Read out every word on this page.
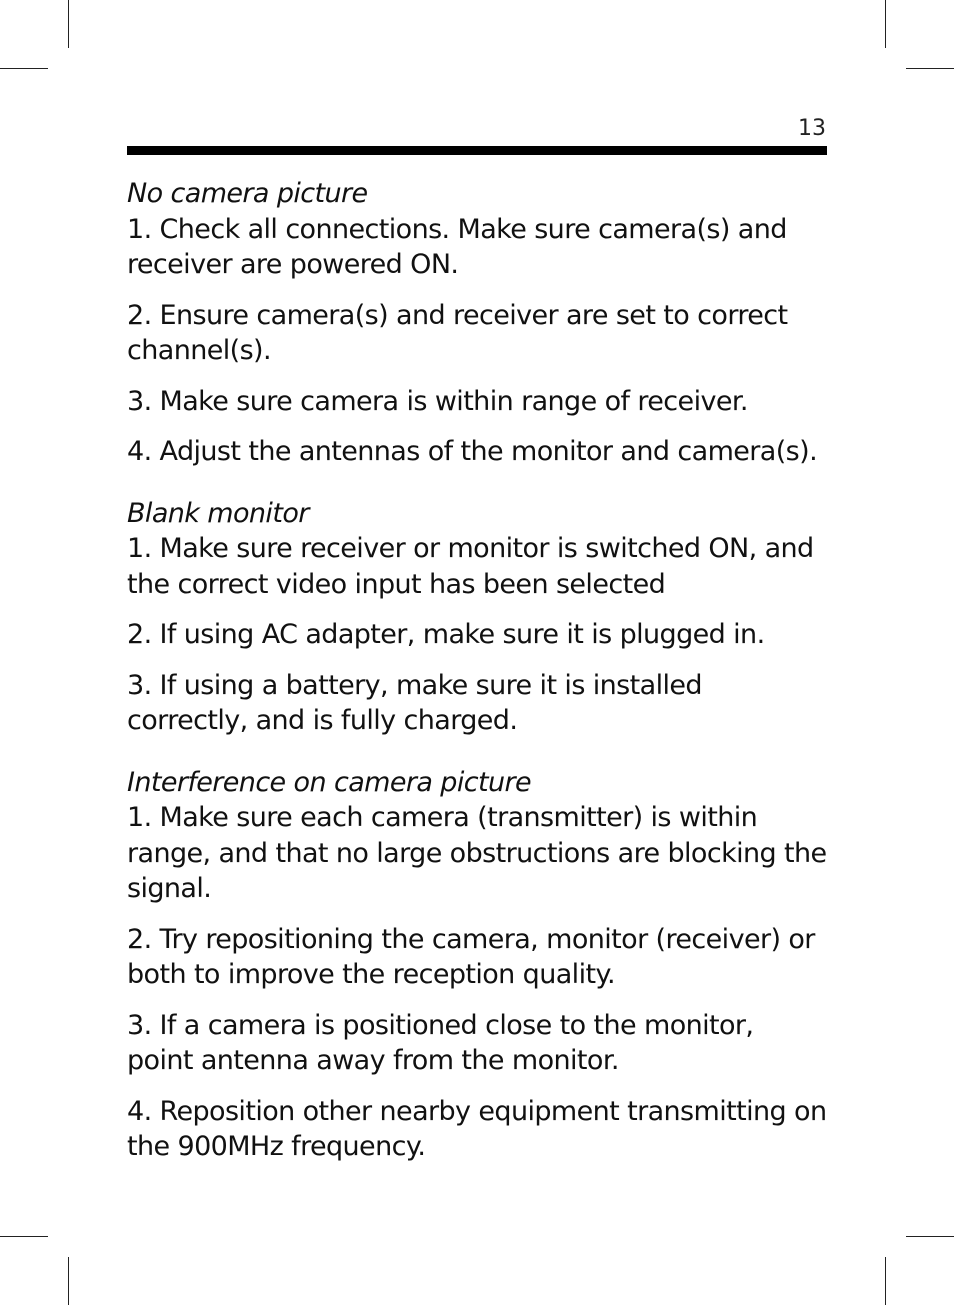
13
No camera picture

1. Check all connections. Make sure camera(s) and receiver are powered ON.

2. Ensure camera(s) and receiver are set to correct channel(s).

3. Make sure camera is within range of receiver.

4. Adjust the antennas of the monitor and camera(s).

Blank monitor

1. Make sure receiver or monitor is switched ON, and the correct video input has been selected

2. If using AC adapter, make sure it is plugged in.

3. If using a battery, make sure it is installed correctly, and is fully charged.

Interference on camera picture

1. Make sure each camera (transmitter) is within range, and that no large obstructions are blocking the signal.

2. Try repositioning the camera, monitor (receiver) or both to improve the reception quality.

3. If a camera is positioned close to the monitor, point antenna away from the monitor.

4. Reposition other nearby equipment transmitting on the 900MHz frequency.
